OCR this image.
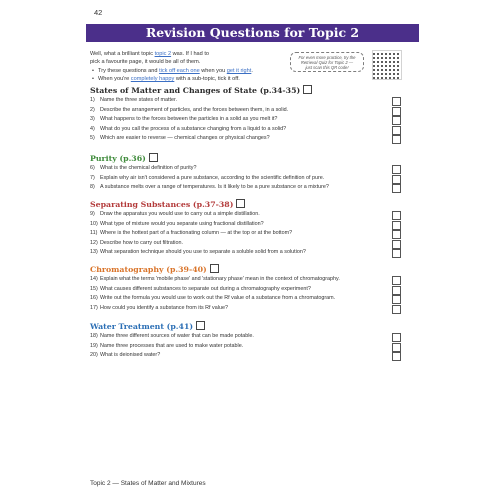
42
Revision Questions for Topic 2
Well, what a brilliant topic topic 2 was. If I had to
pick a favourite page, it would be all of them.
• Try these questions and tick off each one when you get it right.
• When you're completely happy with a sub-topic, tick it off.
For even more practice, try the
Retrieval Quiz for Topic 2 —
just scan this QR code!
States of Matter and Changes of State (p.34-35)
1) Name the three states of matter.
2) Describe the arrangement of particles, and the forces between them, in a solid.
3) What happens to the forces between the particles in a solid as you melt it?
4) What do you call the process of a substance changing from a liquid to a solid?
5) Which are easier to reverse — chemical changes or physical changes?
Purity (p.36)
6) What is the chemical definition of purity?
7) Explain why air isn't considered a pure substance, according to the scientific definition of pure.
8) A substance melts over a range of temperatures. Is it likely to be a pure substance or a mixture?
Separating Substances (p.37-38)
9) Draw the apparatus you would use to carry out a simple distillation.
10) What type of mixture would you separate using fractional distillation?
11) Where is the hottest part of a fractionating column — at the top or at the bottom?
12) Describe how to carry out filtration.
13) What separation technique should you use to separate a soluble solid from a solution?
Chromatography (p.39-40)
14) Explain what the terms 'mobile phase' and 'stationary phase' mean in the context of chromatography.
15) What causes different substances to separate out during a chromatography experiment?
16) Write out the formula you would use to work out the Rf value of a substance from a chromatogram.
17) How could you identify a substance from its Rf value?
Water Treatment (p.41)
18) Name three different sources of water that can be made potable.
19) Name three processes that are used to make water potable.
20) What is deionised water?
Topic 2 — States of Matter and Mixtures
